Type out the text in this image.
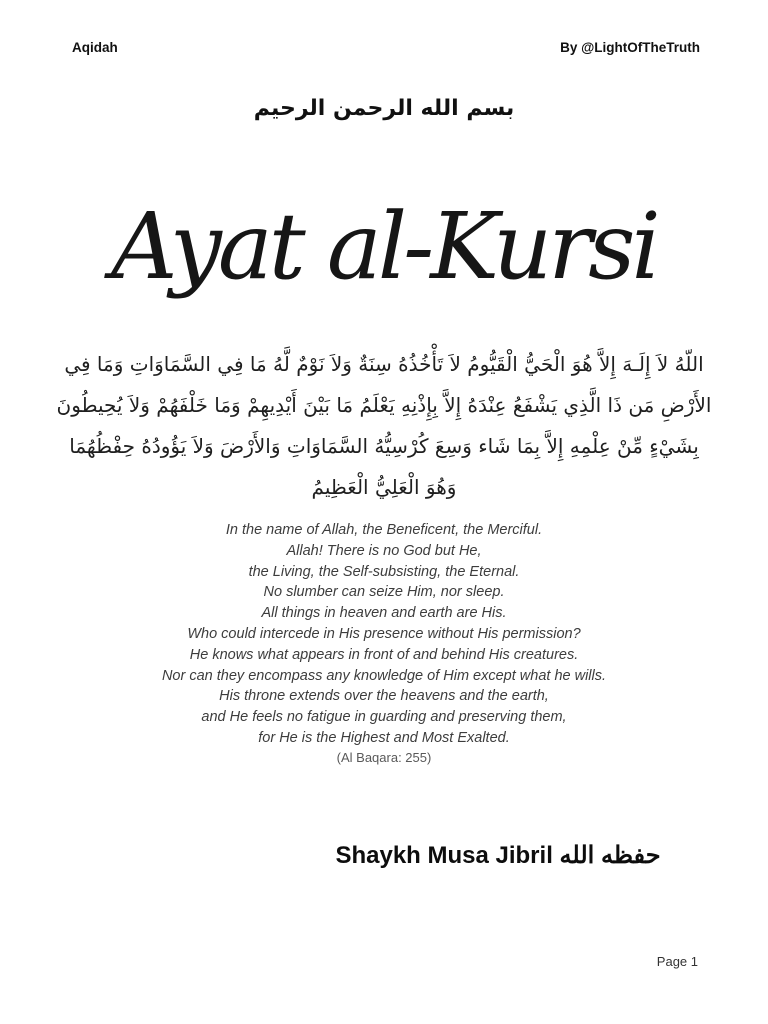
Aqidah	By @LightOfTheTruth
بسم الله الرحمن الرحيم
Ayat al-Kursi
اللّهُ لاَ إِلَـهَ إِلاَّ هُوَ الْحَيُّ الْقَيُّومُ لاَ تَأْخُذُهُ سِنَةٌ وَلاَ نَوْمٌ لَّهُ مَا فِي السَّمَاوَاتِ وَمَا فِي
الأَرْضِ مَن ذَا الَّذِي يَشْفَعُ عِنْدَهُ إِلاَّ بِإِذْنِهِ يَعْلَمُ مَا بَيْنَ أَيْدِيهِمْ وَمَا خَلْفَهُمْ وَلاَ يُحِيطُونَ
بِشَيْءٍ مِّنْ عِلْمِهِ إِلاَّ بِمَا شَاء وَسِعَ كُرْسِيُّهُ السَّمَاوَاتِ وَالأَرْضَ وَلاَ يَؤُودُهُ حِفْظُهُمَا
وَهُوَ الْعَلِيُّ الْعَظِيمُ
In the name of Allah, the Beneficent, the Merciful.
Allah! There is no God but He,
the Living, the Self-subsisting, the Eternal.
No slumber can seize Him, nor sleep.
All things in heaven and earth are His.
Who could intercede in His presence without His permission?
He knows what appears in front of and behind His creatures.
Nor can they encompass any knowledge of Him except what he wills.
His throne extends over the heavens and the earth,
and He feels no fatigue in guarding and preserving them,
for He is the Highest and Most Exalted.
(Al Baqara: 255)
Shaykh Musa Jibril حفظه الله
Page 1
